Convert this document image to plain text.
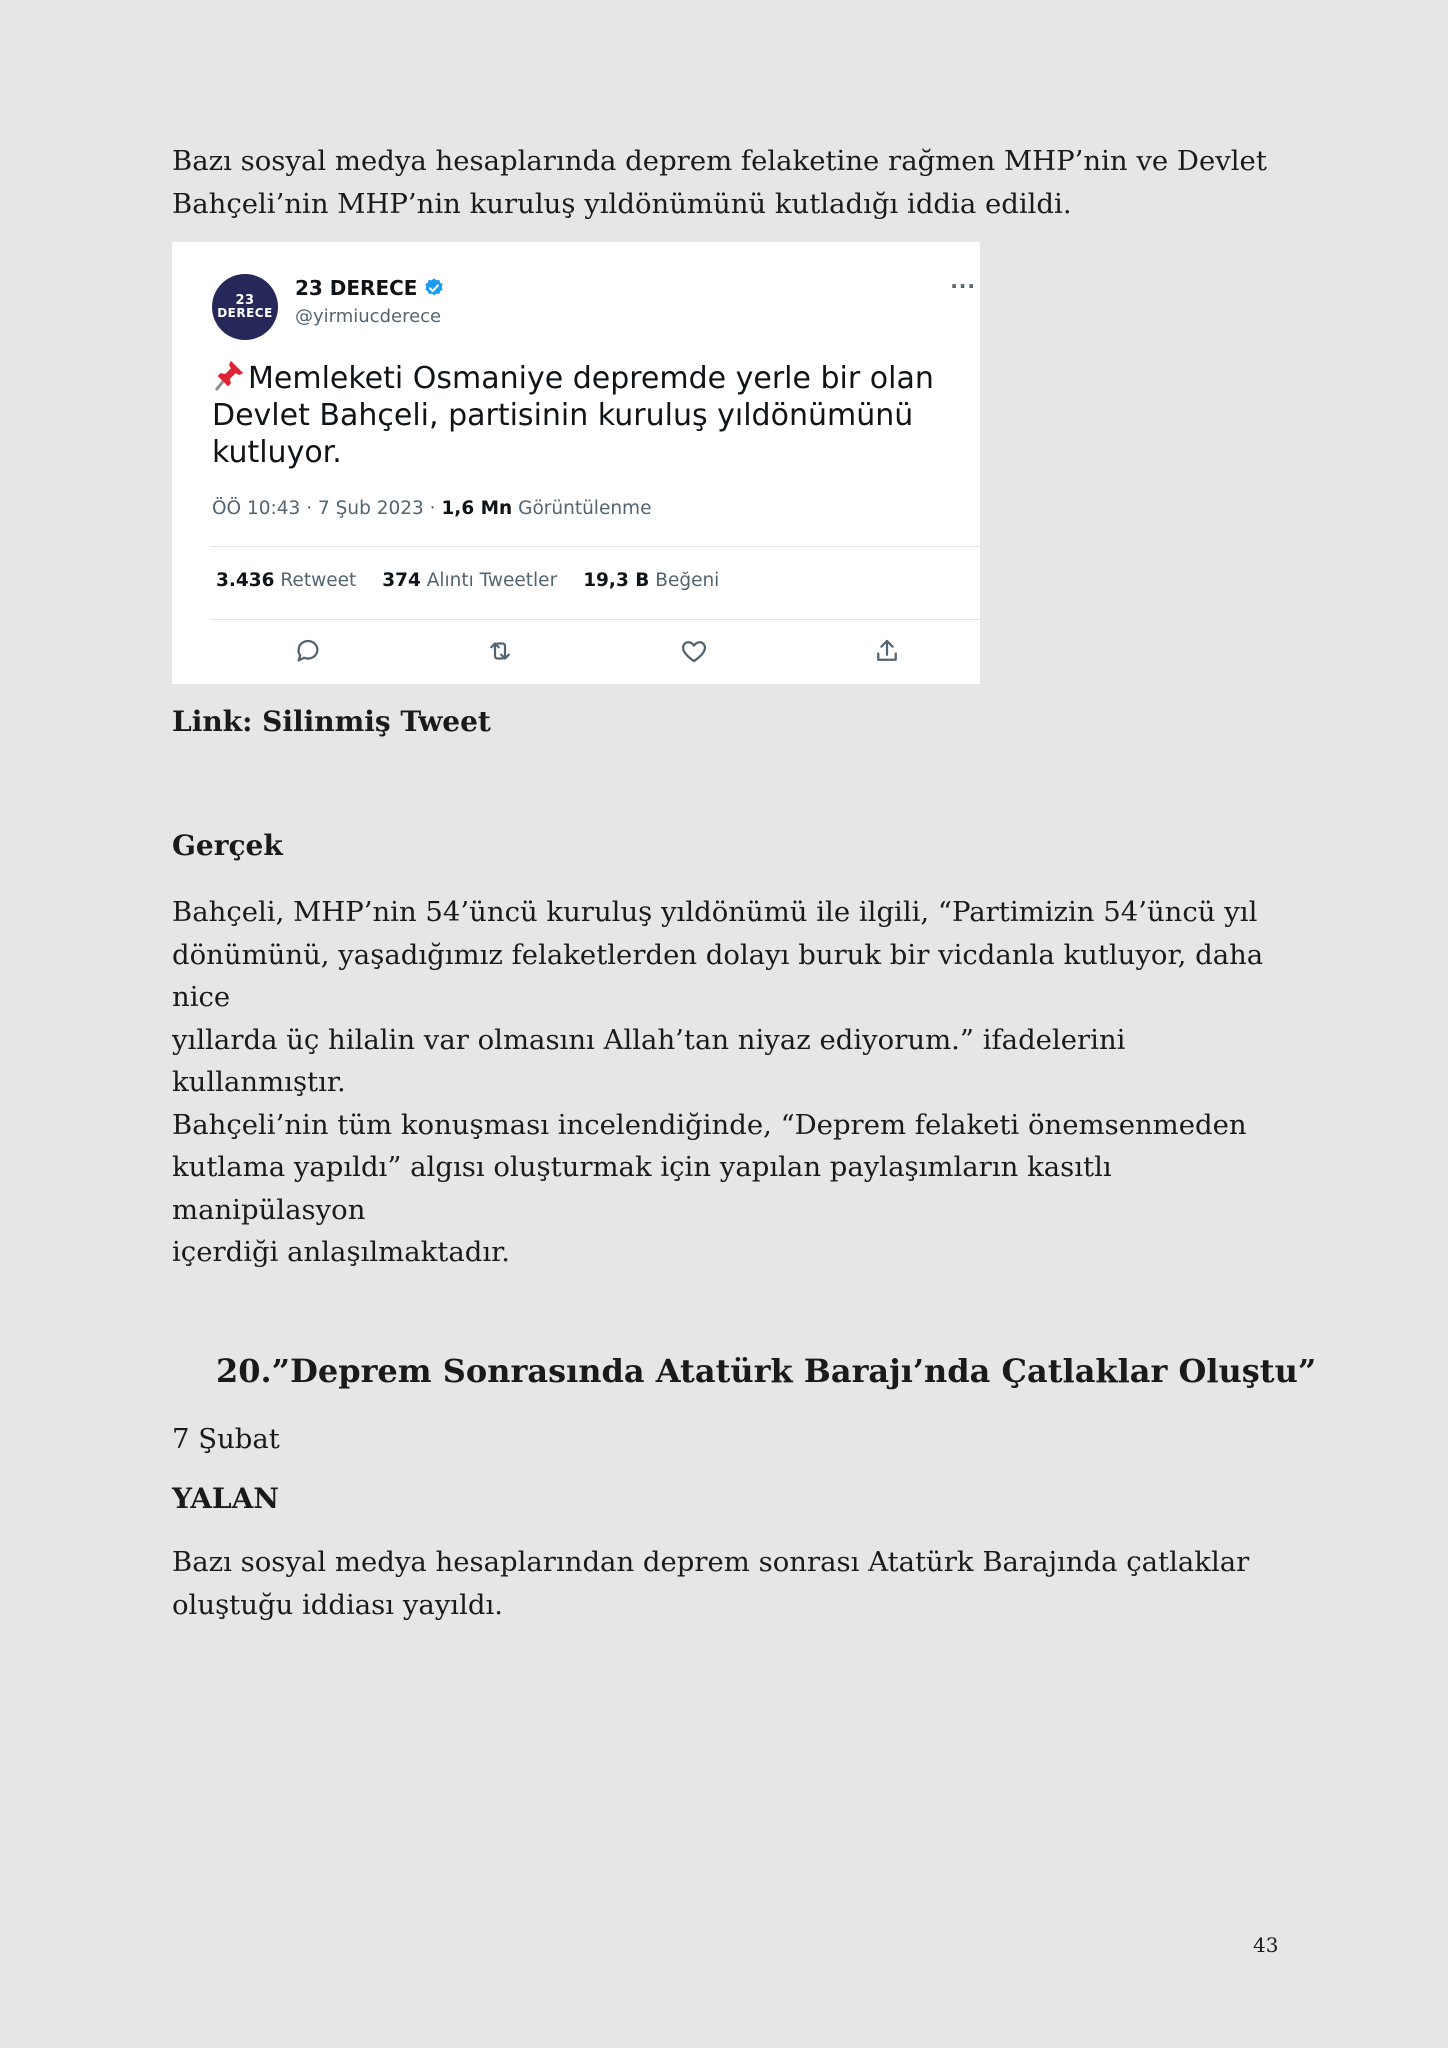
Bazı sosyal medya hesaplarında deprem felaketine rağmen MHP’nin ve Devlet

Bahçeli’nin MHP’nin kuruluş yıldönümünü kutladığı iddia edildi.

23
DERECE
23 DERECE
@yirmiucderece
···
Memleketi Osmaniye depremde yerle bir olan Devlet Bahçeli, partisinin kuruluş yıldönümünü kutluyor.
ÖÖ 10:43 · 7 Şub 2023 · 1,6 Mn Görüntülenme
3.436 Retweet 374 Alıntı Tweetler 19,3 B Beğeni

Link: Silinmiş Tweet

Gerçek

Bahçeli, MHP’nin 54’üncü kuruluş yıldönümü ile ilgili, “Partimizin 54’üncü yıl

dönümünü, yaşadığımız felaketlerden dolayı buruk bir vicdanla kutluyor, daha nice

yıllarda üç hilalin var olmasını Allah’tan niyaz ediyorum.” ifadelerini kullanmıştır.

Bahçeli’nin tüm konuşması incelendiğinde, “Deprem felaketi önemsenmeden

kutlama yapıldı” algısı oluşturmak için yapılan paylaşımların kasıtlı manipülasyon

içerdiği anlaşılmaktadır.

20.”Deprem Sonrasında Atatürk Barajı’nda Çatlaklar Oluştu”

7 Şubat

YALAN

Bazı sosyal medya hesaplarından deprem sonrası Atatürk Barajında çatlaklar

oluştuğu iddiası yayıldı.

43
